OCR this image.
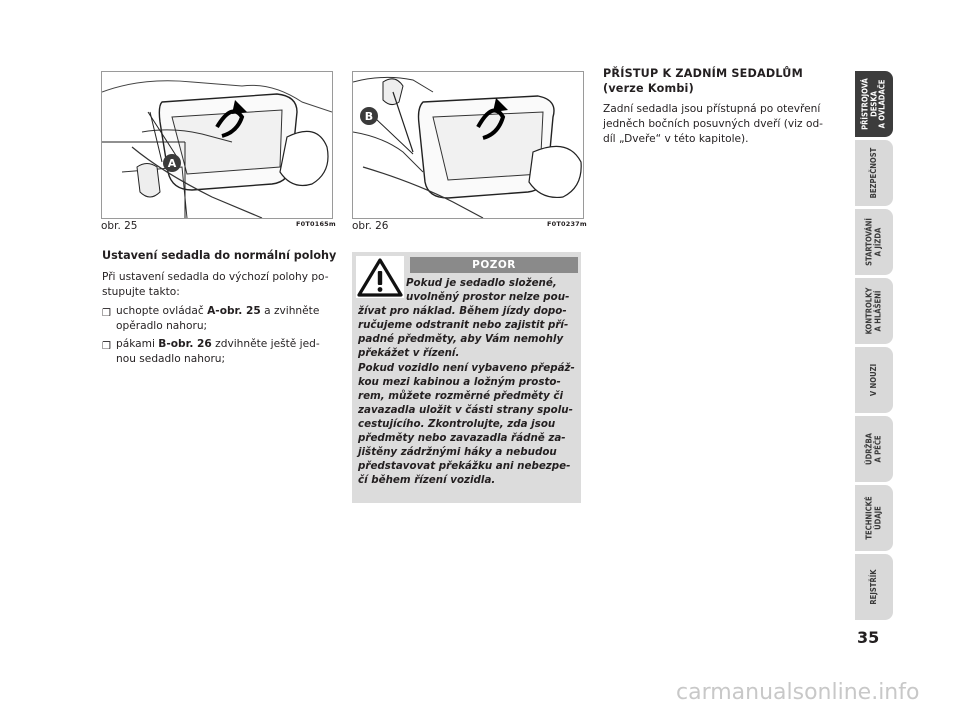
A
obr. 25	F0T0165m
B
obr. 26	F0T0237m
Ustavení sedadla do normální polohy

Při ustavení sedadla do výchozí polohy po-stupujte takto:

❒ uchopte ovládač A-obr. 25 a zvihněte opěradlo nahoru;
❒ pákami B-obr. 26 zdvihněte ještě jed-nou sedadlo nahoru;
POZOR

Pokud je sedadlo složené,
uvolněný prostor nelze pou-
žívat pro náklad. Během jízdy dopo-ručujeme odstranit nebo zajistit pří-padné předměty, aby Vám nemohly překážet v řízení.

Pokud vozidlo není vybaveno přepáž-kou mezi kabinou a ložným prosto-rem, můžete rozměrné předměty či zavazadla uložit v části strany spolu-cestujícího. Zkontrolujte, zda jsou předměty nebo zavazadla řádně za-jištěny zádržnými háky a nebudou představovat překážku ani nebezpe-čí během řízení vozidla.

PŘÍSTUP K ZADNÍM SEDADLŮM
(verze Kombi)

Zadní sedadla jsou přístupná po otevření jedněch bočních posuvných dveří (viz od-díl „Dveře“ v této kapitole).

PŘÍSTROJOVÁ
DESKA
A OVLADAČE
BEZPEČNOST
STARTOVÁNÍ
A JÍZDA
KONTROLKY
A HLÁŠENÍ
V NOUZI
ÚDRŽBA
A PÉČE
TECHNICKÉ
ÚDAJE
REJSTŘÍK
35
carmanualsonline.info
